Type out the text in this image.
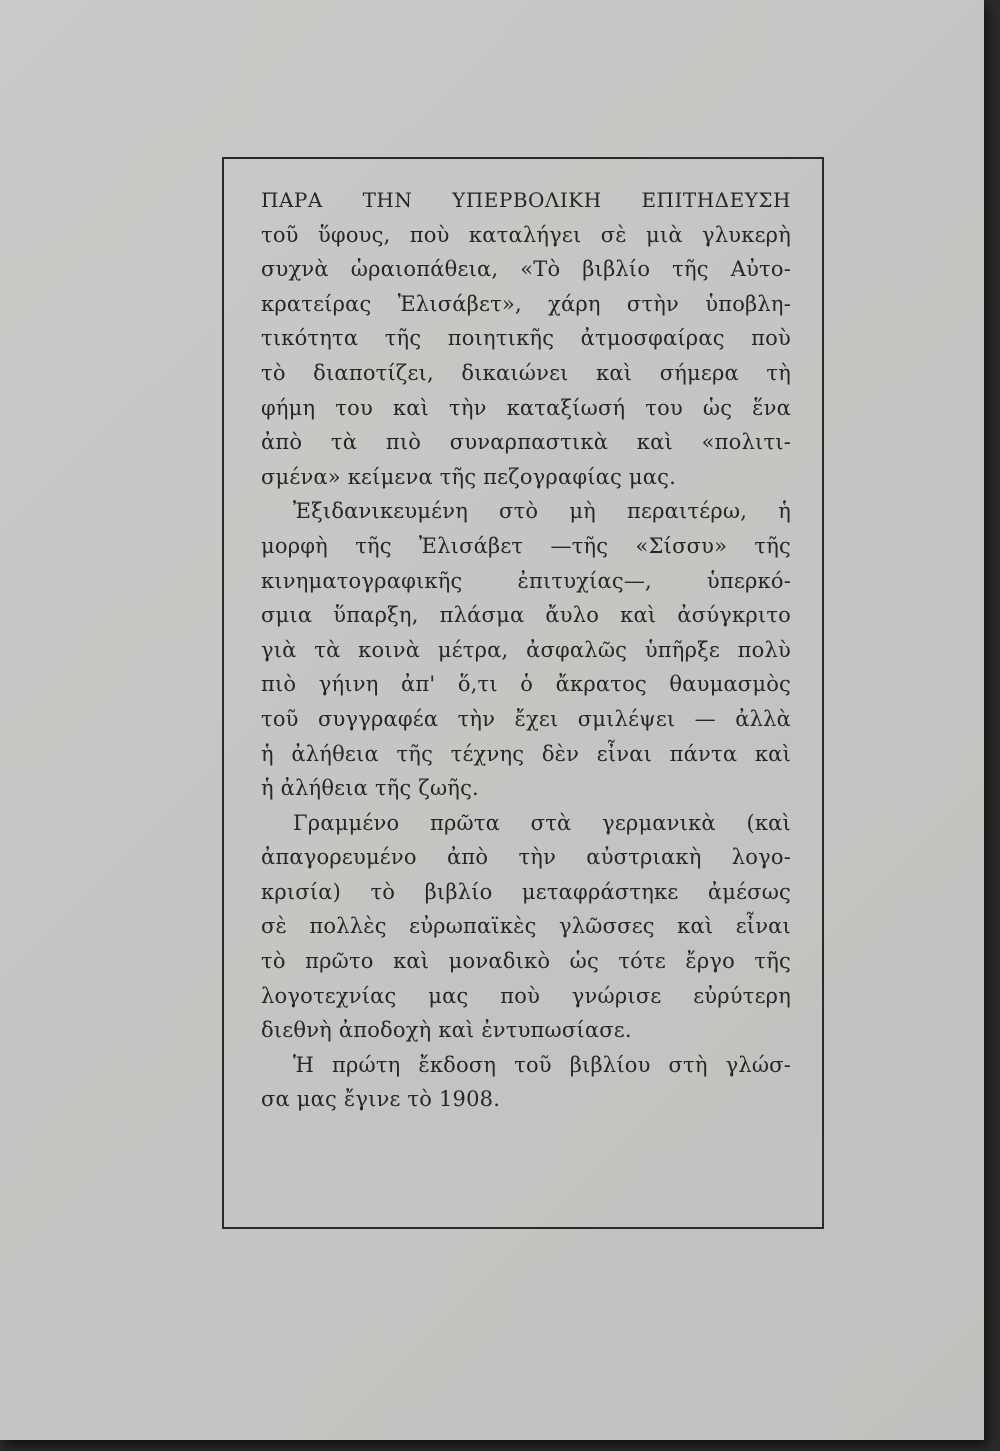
ΠΑΡΑ ΤΗΝ ΥΠΕΡΒΟΛΙΚΗ ΕΠΙΤΗΔΕΥΣΗ
τοῦ ὕφους, ποὺ καταλήγει σὲ μιὰ γλυκερὴ
συχνὰ ὡραιοπάθεια, «Τὸ βιβλίο τῆς Αὐτο-
κρατείρας Ἐλισάβετ», χάρη στὴν ὑποβλη-
τικότητα τῆς ποιητικῆς ἀτμοσφαίρας ποὺ
τὸ διαποτίζει, δικαιώνει καὶ σήμερα τὴ
φήμη του καὶ τὴν καταξίωσή του ὡς ἕνα
ἀπὸ τὰ πιὸ συναρπαστικὰ καὶ «πολιτι-
σμένα» κείμενα τῆς πεζογραφίας μας.
Ἐξιδανικευμένη στὸ μὴ περαιτέρω, ἡ
μορφὴ τῆς Ἐλισάβετ —τῆς «Σίσσυ» τῆς
κινηματογραφικῆς ἐπιτυχίας—, ὑπερκό-
σμια ὕπαρξη, πλάσμα ἄυλο καὶ ἀσύγκριτο
γιὰ τὰ κοινὰ μέτρα, ἀσφαλῶς ὑπῆρξε πολὺ
πιὸ γήινη ἀπ' ὅ,τι ὁ ἄκρατος θαυμασμὸς
τοῦ συγγραφέα τὴν ἔχει σμιλέψει — ἀλλὰ
ἡ ἀλήθεια τῆς τέχνης δὲν εἶναι πάντα καὶ
ἡ ἀλήθεια τῆς ζωῆς.
Γραμμένο πρῶτα στὰ γερμανικὰ (καὶ
ἀπαγορευμένο ἀπὸ τὴν αὐστριακὴ λογο-
κρισία) τὸ βιβλίο μεταφράστηκε ἀμέσως
σὲ πολλὲς εὐρωπαϊκὲς γλῶσσες καὶ εἶναι
τὸ πρῶτο καὶ μοναδικὸ ὡς τότε ἔργο τῆς
λογοτεχνίας μας ποὺ γνώρισε εὐρύτερη
διεθνὴ ἀποδοχὴ καὶ ἐντυπωσίασε.
Ἡ πρώτη ἔκδοση τοῦ βιβλίου στὴ γλώσ-
σα μας ἔγινε τὸ 1908.
